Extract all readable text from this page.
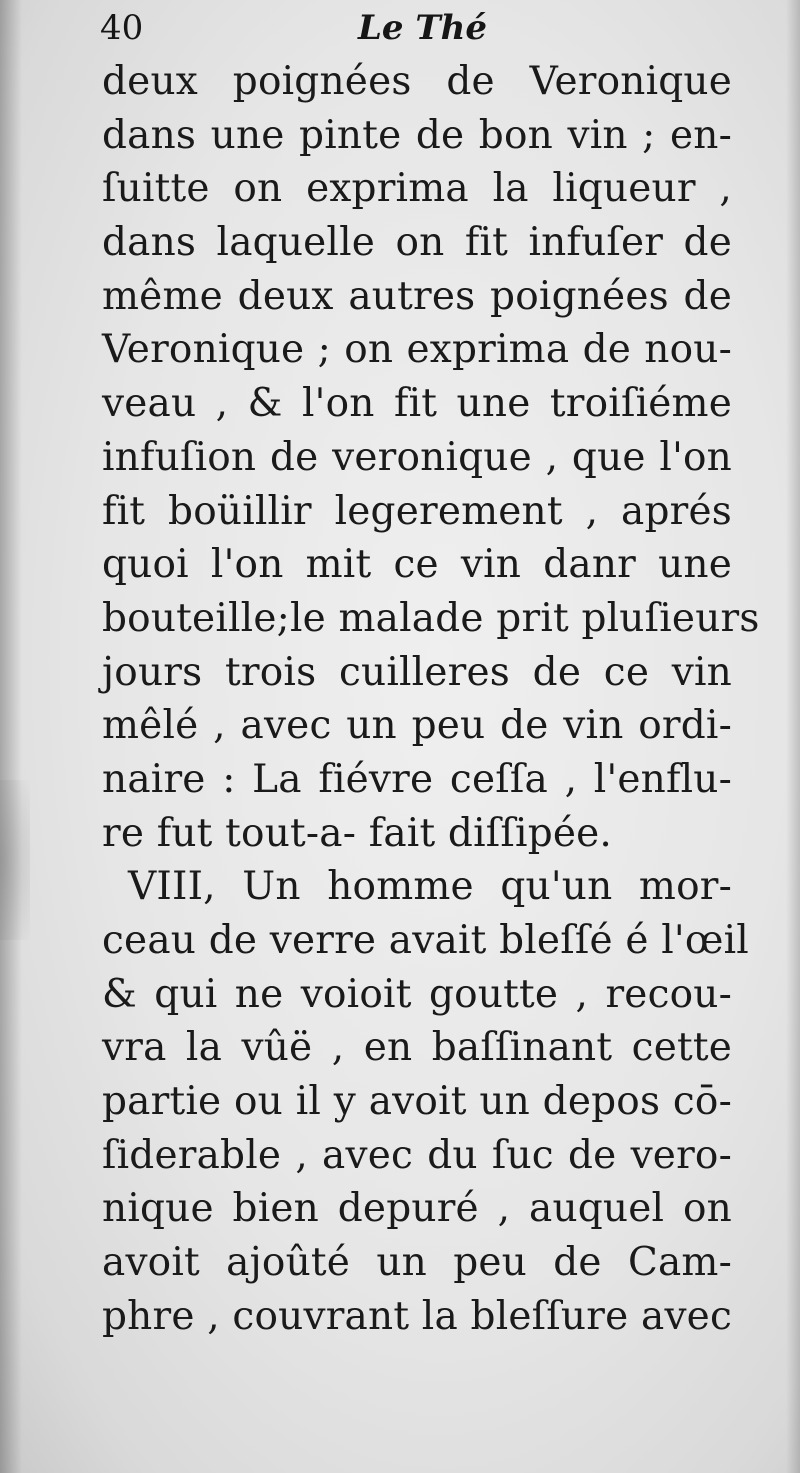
40	Le Thé
deux poignées de Veronique
dans une pinte de bon vin ; en-
ſuitte on exprima la liqueur ,
dans laquelle on fit infuſer de
même deux autres poignées de
Veronique ; on exprima de nou-
veau , & l'on fit une troiſiéme
infuſion de veronique , que l'on
fit boüillir legerement , aprés
quoi l'on mit ce vin danr une
bouteille;le malade prit pluſieurs
jours trois cuilleres de ce vin
mêlé , avec un peu de vin ordi-
naire : La fiévre ceſſa , l'enflu-
re fut tout-a- fait diſſipée.
VIII, Un homme qu'un mor-
ceau de verre avait bleſſé é l'œil
& qui ne voioit goutte , recou-
vra la vûë , en baſſinant cette
partie ou il y avoit un depos cō-
ſiderable , avec du ſuc de vero-
nique bien depuré , auquel on
avoit ajoûté un peu de Cam-
phre , couvrant la bleſſure avec
